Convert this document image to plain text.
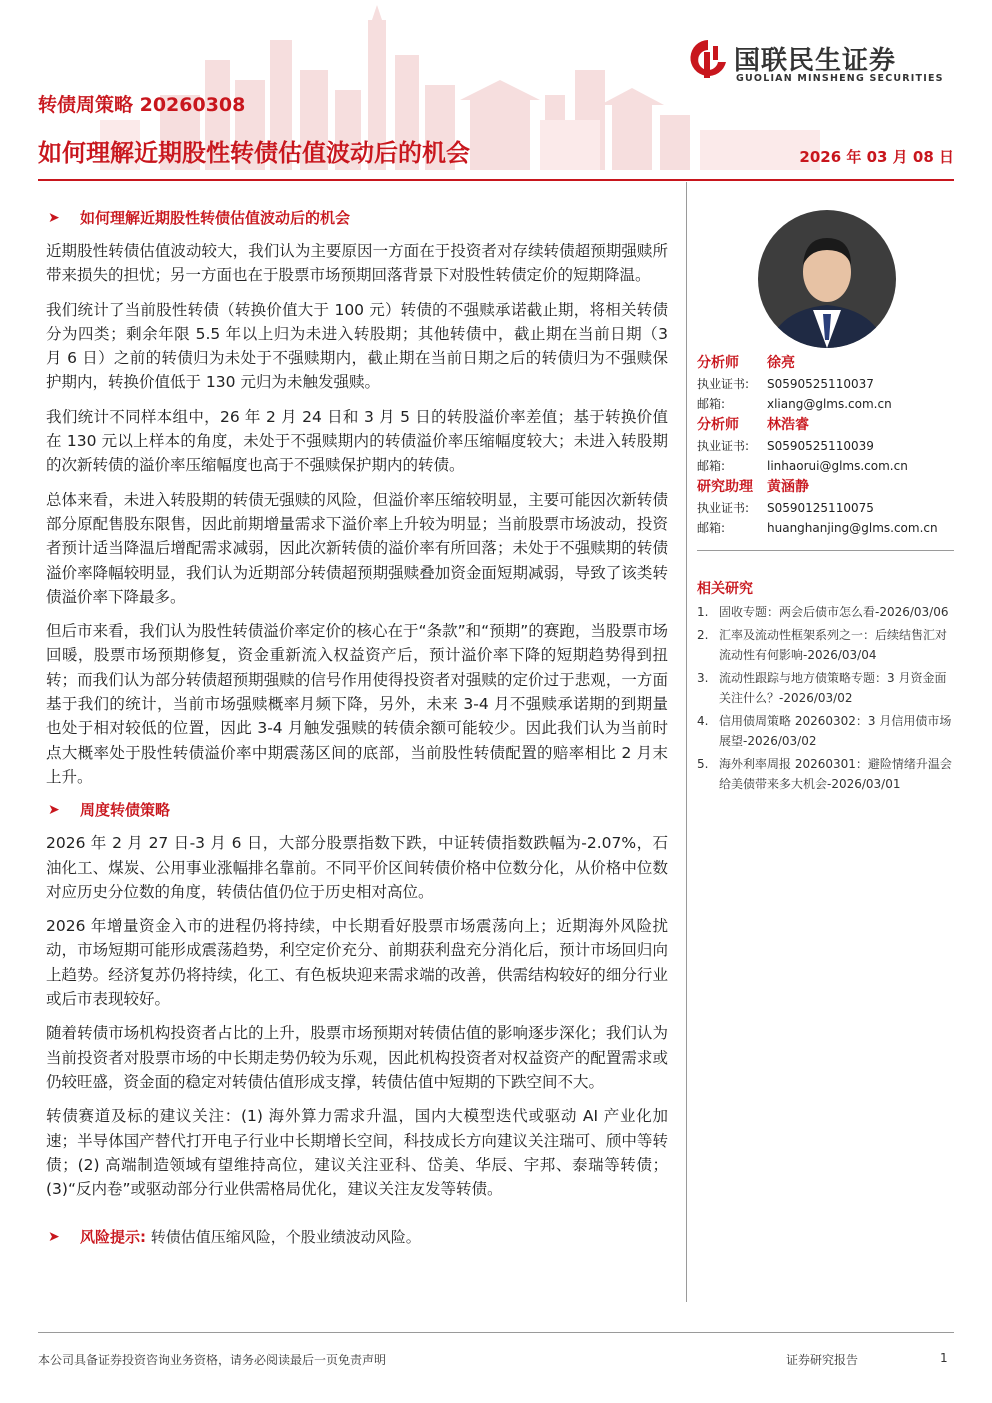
国联民生证券
GUOLIAN MINSHENG SECURITIES
转债周策略 20260308
如何理解近期股性转债估值波动后的机会	2026 年 03 月 08 日
➤ 如何理解近期股性转债估值波动后的机会

近期股性转债估值波动较大，我们认为主要原因一方面在于投资者对存续转债超预期强赎所带来损失的担忧；另一方面也在于股票市场预期回落背景下对股性转债定价的短期降温。

我们统计了当前股性转债（转换价值大于 100 元）转债的不强赎承诺截止期，将相关转债分为四类；剩余年限 5.5 年以上归为未进入转股期；其他转债中，截止期在当前日期（3 月 6 日）之前的转债归为未处于不强赎期内，截止期在当前日期之后的转债归为不强赎保护期内，转换价值低于 130 元归为未触发强赎。

我们统计不同样本组中，26 年 2 月 24 日和 3 月 5 日的转股溢价率差值；基于转换价值在 130 元以上样本的角度，未处于不强赎期内的转债溢价率压缩幅度较大；未进入转股期的次新转债的溢价率压缩幅度也高于不强赎保护期内的转债。

总体来看，未进入转股期的转债无强赎的风险，但溢价率压缩较明显，主要可能因次新转债部分原配售股东限售，因此前期增量需求下溢价率上升较为明显；当前股票市场波动，投资者预计适当降温后增配需求减弱，因此次新转债的溢价率有所回落；未处于不强赎期的转债溢价率降幅较明显，我们认为近期部分转债超预期强赎叠加资金面短期减弱，导致了该类转债溢价率下降最多。

但后市来看，我们认为股性转债溢价率定价的核心在于“条款”和“预期”的赛跑，当股票市场回暖，股票市场预期修复，资金重新流入权益资产后，预计溢价率下降的短期趋势得到扭转；而我们认为部分转债超预期强赎的信号作用使得投资者对强赎的定价过于悲观，一方面基于我们的统计，当前市场强赎概率月频下降，另外，未来 3-4 月不强赎承诺期的到期量也处于相对较低的位置，因此 3-4 月触发强赎的转债余额可能较少。因此我们认为当前时点大概率处于股性转债溢价率中期震荡区间的底部，当前股性转债配置的赔率相比 2 月末上升。

➤ 周度转债策略

2026 年 2 月 27 日-3 月 6 日，大部分股票指数下跌，中证转债指数跌幅为-2.07%，石油化工、煤炭、公用事业涨幅排名靠前。不同平价区间转债价格中位数分化，从价格中位数对应历史分位数的角度，转债估值仍位于历史相对高位。

2026 年增量资金入市的进程仍将持续，中长期看好股票市场震荡向上；近期海外风险扰动，市场短期可能形成震荡趋势，利空定价充分、前期获利盘充分消化后，预计市场回归向上趋势。经济复苏仍将持续，化工、有色板块迎来需求端的改善，供需结构较好的细分行业或后市表现较好。

随着转债市场机构投资者占比的上升，股票市场预期对转债估值的影响逐步深化；我们认为当前投资者对股票市场的中长期走势仍较为乐观，因此机构投资者对权益资产的配置需求或仍较旺盛，资金面的稳定对转债估值形成支撑，转债估值中短期的下跌空间不大。

转债赛道及标的建议关注：(1) 海外算力需求升温，国内大模型迭代或驱动 AI 产业化加速；半导体国产替代打开电子行业中长期增长空间，科技成长方向建议关注瑞可、颀中等转债；(2) 高端制造领域有望维持高位，建议关注亚科、岱美、华辰、宇邦、泰瑞等转债；(3)“反内卷”或驱动部分行业供需格局优化，建议关注友发等转债。

➤ 风险提示: 转债估值压缩风险，个股业绩波动风险。
分析师 徐亮
执业证书: S0590525110037
邮箱:	xliang@glms.com.cn
分析师 林浩睿
执业证书: S0590525110039
邮箱:	linhaorui@glms.com.cn
研究助理 黄涵静
执业证书: S0590125110075
邮箱:	huanghanjing@glms.com.cn
相关研究
1. 固收专题：两会后债市怎么看-2026/03/06
2. 汇率及流动性框架系列之一：后续结售汇对流动性有何影响-2026/03/04
3. 流动性跟踪与地方债策略专题：3 月资金面关注什么？-2026/03/02
4. 信用债周策略 20260302：3 月信用债市场展望-2026/03/02
5. 海外利率周报 20260301：避险情绪升温会给美债带来多大机会-2026/03/01
本公司具备证券投资咨询业务资格，请务必阅读最后一页免责声明	证券研究报告	1
